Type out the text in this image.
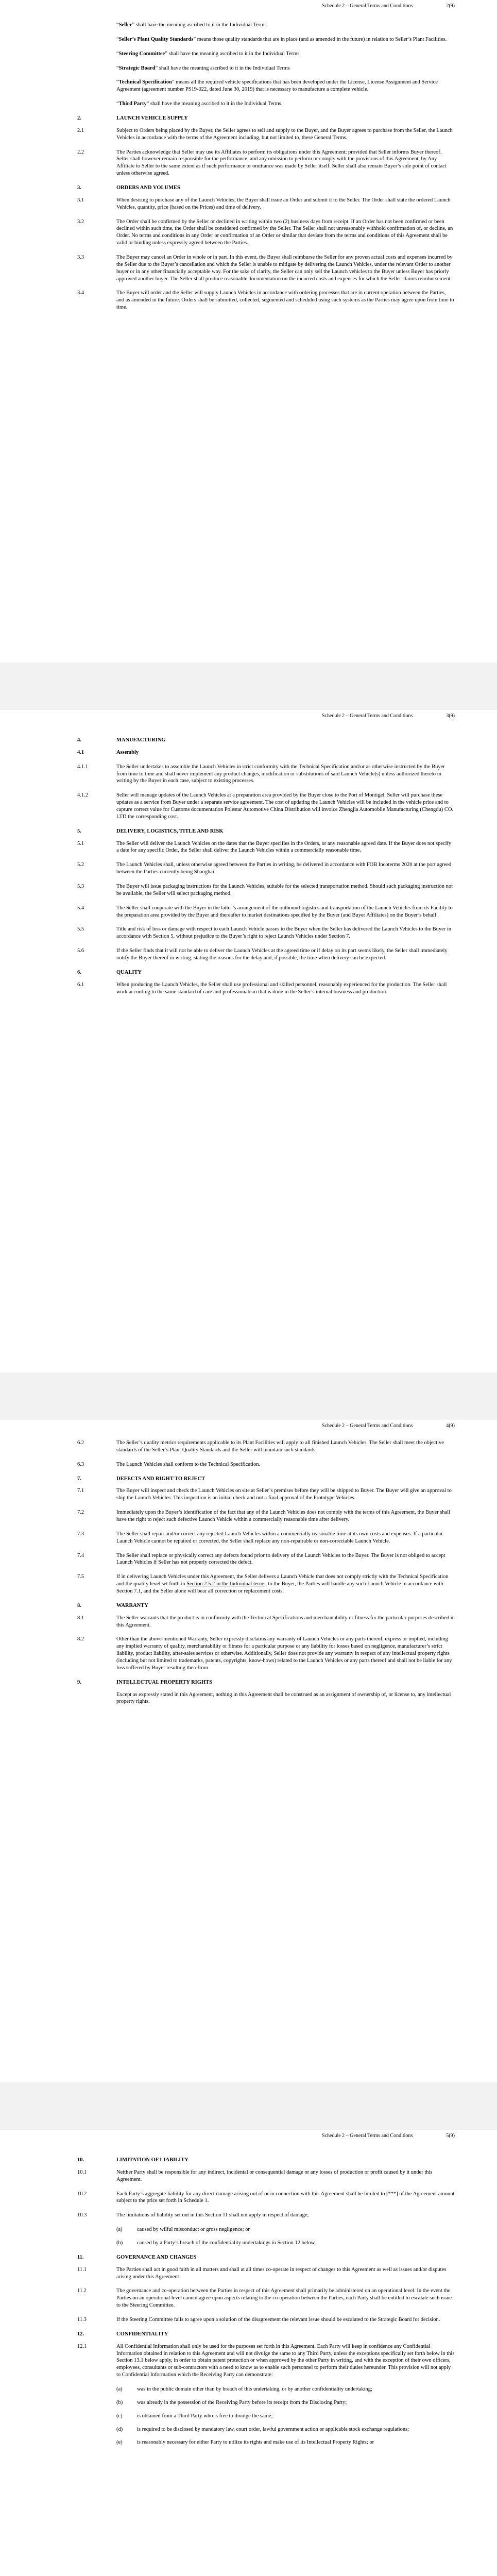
Schedule 2 – General Terms and Conditions	2(9)

“Seller” shall have the meaning ascribed to it in the Individual Terms.

“Seller’s Plant Quality Standards” means those quality standards that are in place (and as amended in the future) in relation to Seller’s Plant Facilities.

“Steering Committee” shall have the meaning ascribed to it in the Individual Terms

“Strategic Board” shall have the meaning ascribed to it in the Individual Terms

“Technical Specification” means all the required vehicle specifications that has been developed under the License, License Assignment and Service Agreement (agreement number PS19-022, dated June 30, 2019) that is necessary to manufacture a complete vehicle.

“Third Party” shall have the meaning ascribed to it in the Individual Terms.

2.	LAUNCH VEHICLE SUPPLY
2.1	Subject to Orders being placed by the Buyer, the Seller agrees to sell and supply to the Buyer, and the Buyer agrees to purchase from the Seller, the Launch Vehicles in accordance with the terms of the Agreement including, but not limited to, these General Terms.
2.2	The Parties acknowledge that Seller may use its Affiliates to perform its obligations under this Agreement; provided that Seller informs Buyer thereof. Seller shall however remain responsible for the performance, and any omission to perform or comply with the provisions of this Agreement, by Any Affiliate to Seller to the same extent as if such performance or omittance was made by Seller itself. Seller shall also remain Buyer’s sole point of contact unless otherwise agreed.
3.	ORDERS AND VOLUMES
3.1	When desiring to purchase any of the Launch Vehicles, the Buyer shall issue an Order and submit it to the Seller. The Order shall state the ordered Launch Vehicles, quantity, price (based on the Prices) and time of delivery.
3.2	The Order shall be confirmed by the Seller or declined in writing within two (2) business days from receipt. If an Order has not been confirmed or been declined within such time, the Order shall be considered confirmed by the Seller. The Seller shall not unreasonably withhold confirmation of, or decline, an Order. No terms and conditions in any Order or confirmation of an Order or similar that deviate from the terms and conditions of this Agreement shall be valid or binding unless expressly agreed between the Parties.
3.3	The Buyer may cancel an Order in whole or in part. In this event, the Buyer shall reimburse the Seller for any proven actual costs and expenses incurred by the Seller due to the Buyer’s cancellation and which the Seller is unable to mitigate by delivering the Launch Vehicles, under the relevant Order to another buyer or in any other financially acceptable way. For the sake of clarity, the Seller can only sell the Launch vehicles to the Buyer unless Buyer has priorly approved another buyer. The Seller shall produce reasonable documentation on the incurred costs and expenses for which the Seller claims reimbursement.
3.4	The Buyer will order and the Seller will supply Launch Vehicles in accordance with ordering processes that are in current operation between the Parties, and as amended in the future. Orders shall be submitted, collected, segmented and scheduled using such systems as the Parties may agree upon from time to time.
Schedule 2 – General Terms and Conditions	3(9)
4.	MANUFACTURING
4.1	Assembly
4.1.1	The Seller undertakes to assemble the Launch Vehicles in strict conformity with the Technical Specification and/or as otherwise instructed by the Buyer from time to time and shall never implement any product changes, modification or substitutions of said Launch Vehicle(s) unless authorized thereto in writing by the Buyer in each case, subject to existing processes.
4.1.2	Seller will manage updates of the Launch Vehicles at a preparation area provided by the Buyer close to the Port of Montigel. Seller will purchase these updates as a service from Buyer under a separate service agreement. The cost of updating the Launch Vehicles will be included in the vehicle price and to capture correct value for Customs documentation Polestar Automotive China Distribution will invoice Zhengjia Automobile Manufacturing (Chengdu) CO. LTD the corresponding cost.
5.	DELIVERY, LOGISTICS, TITLE AND RISK
5.1	The Seller will deliver the Launch Vehicles on the dates that the Buyer specifies in the Orders, or any reasonable agreed date. If the Buyer does not specify a date for any specific Order, the Seller shall deliver the Launch Vehicles within a commercially reasonable time.
5.2	The Launch Vehicles shall, unless otherwise agreed between the Parties in writing, be delivered in accordance with FOB Incoterms 2020 at the port agreed between the Parties currently being Shanghai.
5.3	The Buyer will issue packaging instructions for the Launch Vehicles, suitable for the selected transportation method. Should such packaging instruction not be available, the Seller will select packaging method.
5.4	The Seller shall cooperate with the Buyer in the latter’s arrangement of the outbound logistics and transportation of the Launch Vehicles from its Facility to the preparation area provided by the Buyer and thereafter to market destinations specified by the Buyer (and Buyer Affiliates) on the Buyer’s behalf.
5.5	Title and risk of loss or damage with respect to each Launch Vehicle passes to the Buyer when the Seller has delivered the Launch Vehicles to the Buyer in accordance with Section 5, without prejudice to the Buyer’s right to reject Launch Vehicles under Section 7.
5.6	If the Seller finds that it will not be able to deliver the Launch Vehicles at the agreed time or if delay on its part seems likely, the Seller shall immediately notify the Buyer thereof in writing, stating the reasons for the delay and, if possible, the time when delivery can be expected.
6.	QUALITY
6.1	When producing the Launch Vehicles, the Seller shall use professional and skilled personnel, reasonably experienced for the production. The Seller shall work according to the same standard of care and professionalism that is done in the Seller’s internal business and production.
Schedule 2 – General Terms and Conditions	4(9)
6.2	The Seller’s quality metrics requirements applicable to its Plant Facilities will apply to all finished Launch Vehicles. The Seller shall meet the objective standards of the Seller’s Plant Quality Standards and the Seller will maintain such standards.
6.3	The Launch Vehicles shall conform to the Technical Specification.
7.	DEFECTS AND RIGHT TO REJECT
7.1	The Buyer will inspect and check the Launch Vehicles on site at Seller’s premises before they will be shipped to Buyer. The Buyer will give an approval to ship the Launch Vehicles. This inspection is an initial check and not a final approval of the Prototype Vehicles.
7.2	Immediately upon the Buyer’s identification of the fact that any of the Launch Vehicles does not comply with the terms of this Agreement, the Buyer shall have the right to reject such defective Launch Vehicle within a commercially reasonable time after delivery.
7.3	The Seller shall repair and/or correct any rejected Launch Vehicles within a commercially reasonable time at its own costs and expenses. If a particular Launch Vehicle cannot be repaired or corrected, the Seller shall replace any non-repairable or non-correctable Launch Vehicle.
7.4	The Seller shall replace or physically correct any defects found prior to delivery of the Launch Vehicles to the Buyer. The Buyer is not obliged to accept Launch Vehicles if Seller has not properly corrected the defect.
7.5	If in delivering Launch Vehicles under this Agreement, the Seller delivers a Launch Vehicle that does not comply strictly with the Technical Specification and the quality level set forth in Section 2.5.2 in the Individual terms, to the Buyer, the Parties will handle any such Launch Vehicle in accordance with Section 7.1, and the Seller alone will bear all correction or replacement costs.
8.	WARRANTY
8.1	The Seller warrants that the product is in conformity with the Technical Specifications and merchantability or fitness for the particular purposes described in this Agreement.
8.2	Other than the above-mentioned Warranty, Seller expressly disclaims any warranty of Launch Vehicles or any parts thereof, express or implied, including any implied warranty of quality, merchantability or fitness for a particular purpose or any liability for losses based on negligence, manufacturer’s strict liability, product liability, after-sales services or otherwise. Additionally, Seller does not provide any warranty in respect of any intellectual property rights (including but not limited to trademarks, patents, copyrights, know-hows) related to the Launch Vehicles or any parts thereof and shall not be liable for any loss suffered by Buyer resulting therefrom.
9.	INTELLECTUAL PROPERTY RIGHTS
Except as expressly stated in this Agreement, nothing in this Agreement shall be construed as an assignment of ownership of, or license to, any intellectual property rights.
Schedule 2 – General Terms and Conditions	5(9)
10.	LIMITATION OF LIABILITY
10.1	Neither Party shall be responsible for any indirect, incidental or consequential damage or any losses of production or profit caused by it under this Agreement.
10.2	Each Party’s aggregate liability for any direct damage arising out of or in connection with this Agreement shall be limited to [***] of the Agreement amount subject to the price set forth in Schedule 1.
10.3	The limitations of liability set out in this Section 11 shall not apply in respect of damage;
(a)	caused by wilful misconduct or gross negligence; or
(b)	caused by a Party’s breach of the confidentiality undertakings in Section 12 below.
11.	GOVERNANCE AND CHANGES
11.1	The Parties shall act in good faith in all matters and shall at all times co-operate in respect of changes to this Agreement as well as issues and/or disputes arising under this Agreement.
11.2	The governance and co-operation between the Parties in respect of this Agreement shall primarily be administered on an operational level. In the event the Parties on an operational level cannot agree upon aspects relating to the co-operation between the Parties, each Party shall be entitled to escalate such issue to the Steering Committee.
11.3	If the Steering Committee fails to agree upon a solution of the disagreement the relevant issue should be escalated to the Strategic Board for decision.
12.	CONFIDENTIALITY
12.1	All Confidential Information shall only be used for the purposes set forth in this Agreement. Each Party will keep in confidence any Confidential Information obtained in relation to this Agreement and will not divulge the same to any Third Party, unless the exceptions specifically set forth below in this Section 13.1 below apply, in order to obtain patent protection or when approved by the other Party in writing, and with the exception of their own officers, employees, consultants or sub-contractors with a need to know as to enable such personnel to perform their duties hereunder. This provision will not apply to Confidential Information which the Receiving Party can demonstrate:
(a)	was in the public domain other than by breach of this undertaking, or by another confidentiality undertaking;
(b)	was already in the possession of the Receiving Party before its receipt from the Disclosing Party;
(c)	is obtained from a Third Party who is free to divulge the same;
(d)	is required to be disclosed by mandatory law, court order, lawful government action or applicable stock exchange regulations;
(e)	is reasonably necessary for either Party to utilize its rights and make use of its Intellectual Property Rights; or
